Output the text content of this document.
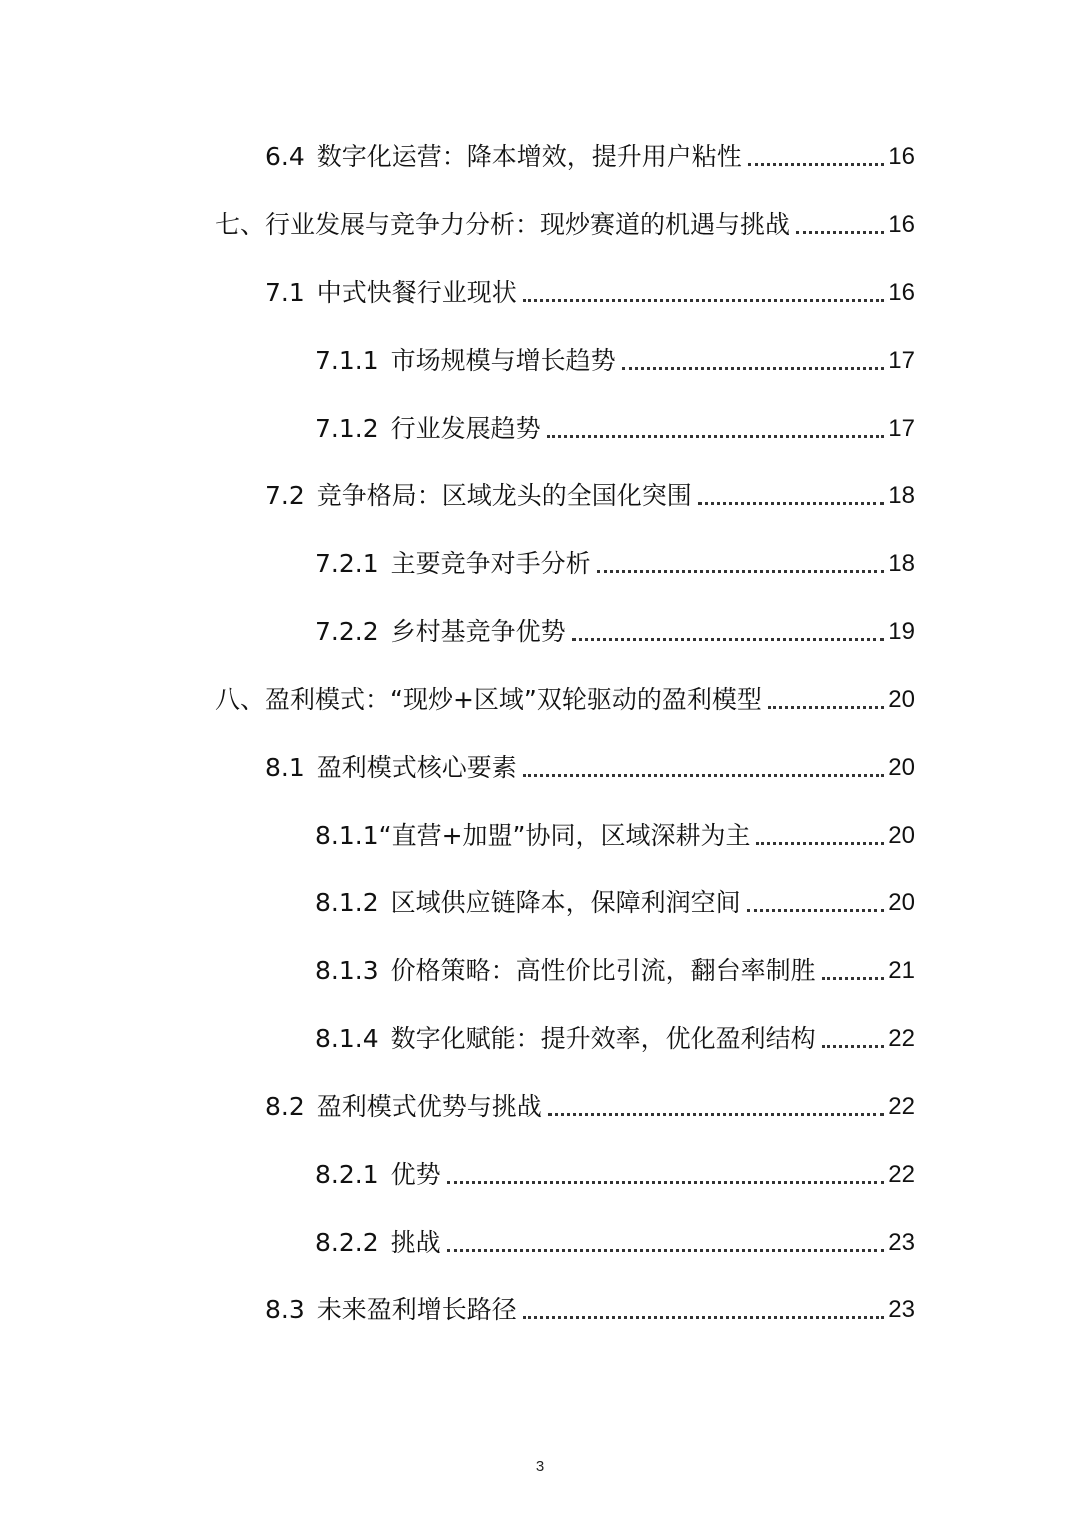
6.4 数字化运营：降本增效，提升用户粘性	16
七、 行业发展与竞争力分析：现炒赛道的机遇与挑战	16
7.1 中式快餐行业现状	16
7.1.1 市场规模与增长趋势	17
7.1.2 行业发展趋势	17
7.2 竞争格局：区域龙头的全国化突围	18
7.2.1 主要竞争对手分析	18
7.2.2 乡村基竞争优势	19
八、 盈利模式：“现炒+区域”双轮驱动的盈利模型	20
8.1 盈利模式核心要素	20
8.1.1 “直营+加盟”协同，区域深耕为主	20
8.1.2 区域供应链降本，保障利润空间	20
8.1.3 价格策略：高性价比引流，翻台率制胜	21
8.1.4 数字化赋能：提升效率，优化盈利结构	22
8.2 盈利模式优势与挑战	22
8.2.1 优势	22
8.2.2 挑战	23
8.3 未来盈利增长路径	23
3
